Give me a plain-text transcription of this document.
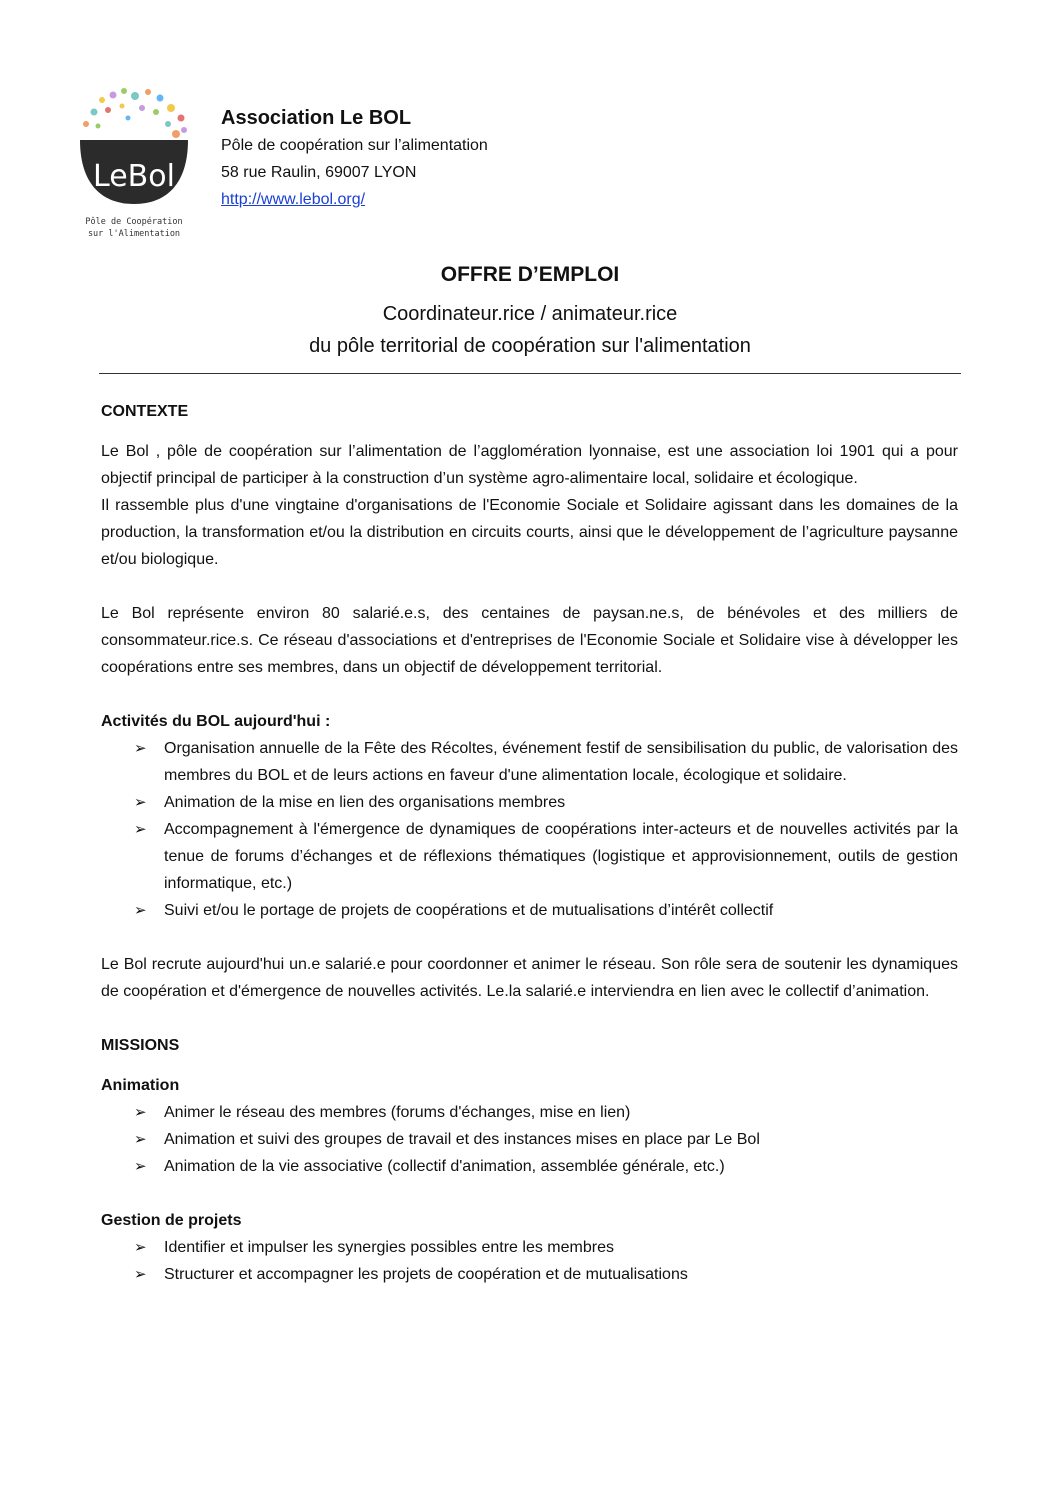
LeBol
Pôle de Coopération
sur l'Alimentation
Association Le BOL
Pôle de coopération sur l’alimentation
58 rue Raulin, 69007 LYON
http://www.lebol.org/
OFFRE D’EMPLOI
Coordinateur.rice / animateur.rice
du pôle territorial de coopération sur l'alimentation
CONTEXTE
Le Bol , pôle de coopération sur l’alimentation de l’agglomération lyonnaise, est une association loi 1901 qui a pour objectif principal de participer à la construction d’un système agro-alimentaire local, solidaire et écologique.
Il rassemble plus d'une vingtaine d'organisations de l'Economie Sociale et Solidaire agissant dans les domaines de la production, la transformation et/ou la distribution en circuits courts, ainsi que le développement de l’agriculture paysanne et/ou biologique.
Le Bol représente environ 80 salarié.e.s, des centaines de paysan.ne.s, de bénévoles et des milliers de consommateur.rice.s. Ce réseau d'associations et d'entreprises de l'Economie Sociale et Solidaire vise à développer les coopérations entre ses membres, dans un objectif de développement territorial.
Activités du BOL aujourd'hui :
➢ Organisation annuelle de la Fête des Récoltes, événement festif de sensibilisation du public, de valorisation des membres du BOL et de leurs actions en faveur d'une alimentation locale, écologique et solidaire.
➢ Animation de la mise en lien des organisations membres
➢ Accompagnement à l'émergence de dynamiques de coopérations inter-acteurs et de nouvelles activités par la tenue de forums d’échanges et de réflexions thématiques (logistique et approvisionnement, outils de gestion informatique, etc.)
➢ Suivi et/ou le portage de projets de coopérations et de mutualisations d’intérêt collectif
Le Bol recrute aujourd'hui un.e salarié.e pour coordonner et animer le réseau. Son rôle sera de soutenir les dynamiques de coopération et d'émergence de nouvelles activités. Le.la salarié.e interviendra en lien avec le collectif d’animation.
MISSIONS
Animation
➢ Animer le réseau des membres (forums d'échanges, mise en lien)
➢ Animation et suivi des groupes de travail et des instances mises en place par Le Bol
➢ Animation de la vie associative (collectif d'animation, assemblée générale, etc.)
Gestion de projets
➢ Identifier et impulser les synergies possibles entre les membres
➢ Structurer et accompagner les projets de coopération et de mutualisations
